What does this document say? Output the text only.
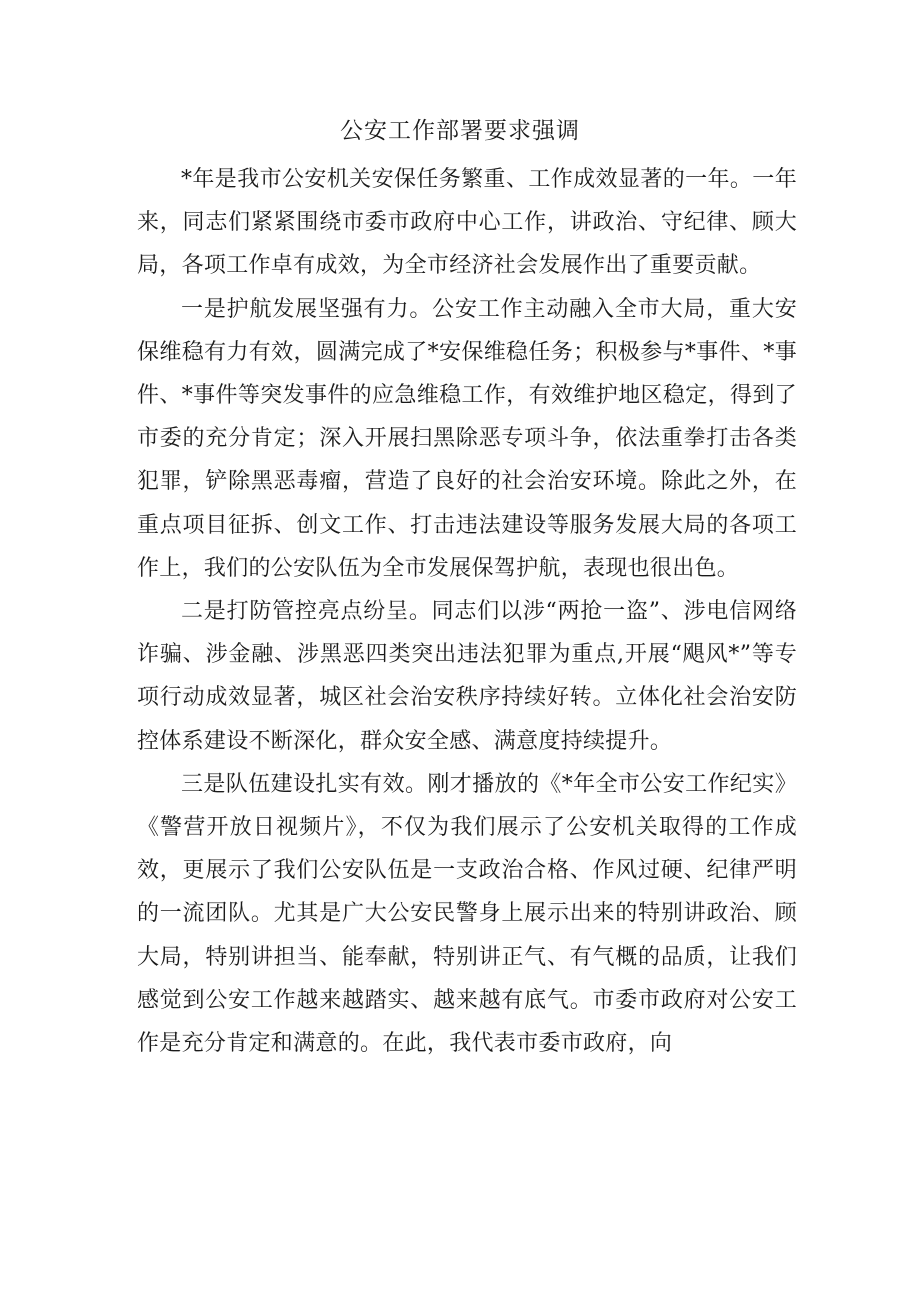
公安工作部署要求强调

*年是我市公安机关安保任务繁重、工作成效显著的一年。一年来，同志们紧紧围绕市委市政府中心工作，讲政治、守纪律、顾大局，各项工作卓有成效，为全市经济社会发展作出了重要贡献。

一是护航发展坚强有力。公安工作主动融入全市大局，重大安保维稳有力有效，圆满完成了*安保维稳任务；积极参与*事件、*事件、*事件等突发事件的应急维稳工作，有效维护地区稳定，得到了市委的充分肯定；深入开展扫黑除恶专项斗争，依法重拳打击各类犯罪，铲除黑恶毒瘤，营造了良好的社会治安环境。除此之外，在重点项目征拆、创文工作、打击违法建设等服务发展大局的各项工作上，我们的公安队伍为全市发展保驾护航，表现也很出色。

二是打防管控亮点纷呈。同志们以涉“两抢一盗”、涉电信网络诈骗、涉金融、涉黑恶四类突出违法犯罪为重点,开展“飓风*”等专项行动成效显著，城区社会治安秩序持续好转。立体化社会治安防控体系建设不断深化，群众安全感、满意度持续提升。

三是队伍建设扎实有效。刚才播放的《*年全市公安工作纪实》《警营开放日视频片》，不仅为我们展示了公安机关取得的工作成效，更展示了我们公安队伍是一支政治合格、作风过硬、纪律严明的一流团队。尤其是广大公安民警身上展示出来的特别讲政治、顾大局，特别讲担当、能奉献，特别讲正气、有气概的品质，让我们感觉到公安工作越来越踏实、越来越有底气。市委市政府对公安工作是充分肯定和满意的。在此，我代表市委市政府，向
